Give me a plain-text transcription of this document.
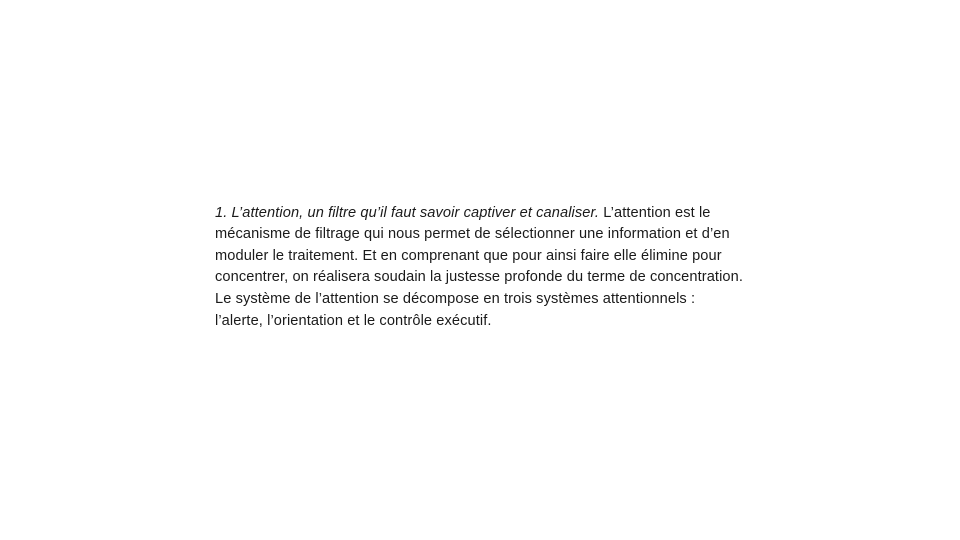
1. L’attention, un filtre qu’il faut savoir captiver et canaliser. L’attention est le mécanisme de filtrage qui nous permet de sélectionner une information et d’en moduler le traitement. Et en comprenant que pour ainsi faire elle élimine pour concentrer, on réalisera soudain la justesse profonde du terme de concentration. Le système de l’attention se décompose en trois systèmes attentionnels : l’alerte, l’orientation et le contrôle exécutif.
